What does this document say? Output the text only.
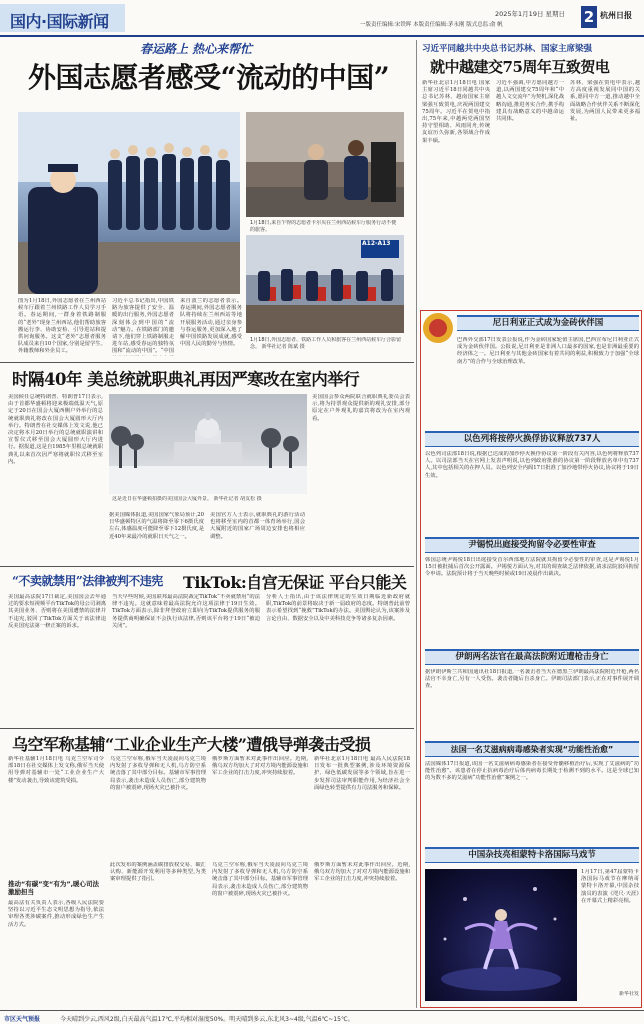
国内·国际新闻	2025年1月19日 星期日
一版责任编辑:宋铁晖 本版责任编辑:茅永刚 版式总监:俞 帆	2 杭州日报
春运路上 热心来帮忙
外国志愿者感受“流动的中国”
1月18日,来自乍得的志愿者卡尔贝在兰州西站候车厅服务行动不便的旅客。
A12-A13
1月18日,外国志愿者、铁路工作人员和旅客在兰州西站候车厅合影留念。 新华社记者 陈斌 摄
图为1月18日,外国志愿者在兰州西站候车厅跟着兰州铁路工作人员学习手语。春运期间,一群身着铁路制服的“老外”现身兰州西站,他们帮助旅客搬运行李、协助安检、引导进站和提供问询服务。这支“老外”志愿者服务队成员来自10个国家,分别是留学生、外籍教师和外企员工。
习近平总书记指出,中国铁路为旅客提供了安全、温暖的出行服务,外国志愿者深刻体会到中国的“流动”魅力。在铁路部门的邀请下,他们穿上铁路制服走进车站,感受春运的独特氛围和“流动的中国”。“中国
来自波兰的志愿者表示。春运期间,外国志愿者服务队将持续在兰州西站等地开展服务活动,通过亲身参与春运服务,更加深入地了解中国铁路发展成就,感受中国人民的勤劳与热情。
时隔40年 美总统就职典礼再因严寒改在室内举行
美国候任总统特朗普、特朗普17日表示,由于首都华盛顿将迎来极端低温天气,原定于20日在国会大厦西侧户外举行的总统就职典礼将改在国会大厦圆形大厅内举行。特朗普在社交媒体上发文说,他已决定将本月20日举行的总统就职演讲和宣誓仪式移至国会大厦圆形大厅内进行。据报道,这是自1985年里根总统就职典礼以来首次因严寒将就职仪式移至室内。
据美国媒体报道,美国国家气象局预计,20日华盛顿特区的气温将降至零下6摄氏度左右,体感温度可能降至零下12摄氏度,是近40年来最冷的就职日天气之一。
美国官方人士表示,就职典礼的游行活动也将移至室内的首都一体育场举行,国会大厦附近的国家广场周边安排也将相应调整。
美国国会参众两院联合就职典礼委员会表示,将为持票观众提供新的观礼安排,部分原定在户外观礼的嘉宾将改为在室内观看。
这是近日在华盛顿拍摄的美国国会大厦外景。 新华社记者 胡友松 摄
“不卖就禁用”法律被判不违宪 TikTok:自宫无保证 平台只能关
美国最高法院17日裁定,美国国会去年通过的要求短视频平台TikTok的母公司剥离其美国业务、否则将在美国遭禁的法律并不违宪,驳回了TikTok方面关于该法律违反美国宪法第一修正案的诉求。
当天早些时候,美国联邦最高法院裁定TikTok“不卖就禁用”的法律不违宪。这就意味着最高法院允许这项法律于19日生效。TikTok方面表示,除非拜登政府立即向为TikTok提供服务的服务提供商明确保证不会执行该法律,否则该平台将于19日“被迫关闭”。
分析人士指出,由于该法律规定的生效日期临近新政府就职,TikTok的前景将取决于新一届政府的态度。特朗普此前曾表示希望找到“挽救”TikTok的办法。美国舆论认为,该案涉及言论自由、数据安全以及中美科技竞争等诸多复杂因素。
乌空军称基辅“工业企业生产大楼”遭俄导弹袭击受损
新华社基辅1月18日电 乌克兰空军司令部18日在社交媒体上发文称,俄军当天使用导弹对基辅市一处“工业企业生产大楼”发动袭击,导致该建筑受损。
乌克兰空军称,俄军当天凌晨向乌克兰境内发射了多枚导弹和无人机,乌方防空系统击落了其中部分目标。基辅市军事管理局表示,袭击未造成人员伤亡,部分建筑物的窗户被震碎,现场火灾已被扑灭。
俄罗斯方面暂未对此事作出回应。近期,俄乌双方均加大了对对方境内能源设施和军工企业的打击力度,冲突持续胶着。
新华社北京1月18日电 最高人民法院18日发布一批典型案例,涉及环境资源保护、绿色低碳发展等多个领域,旨在进一步发挥司法审判职能作用,为经济社会全面绿色转型提供有力司法服务和保障。
推动“有碳”变“有为”,暖心司法激励担当
最高法有关负责人表示,各级人民法院要坚持以习近平生态文明思想为指导,依法审理各类涉碳案件,推动形成绿色生产生活方式。
此次发布的案例涵盖碳排放权交易、碳汇认购、新能源开发利用等多种类型,为类案审理提供了指引。
乌克兰空军称,俄军当天凌晨向乌克兰境内发射了多枚导弹和无人机,乌方防空系统击落了其中部分目标。基辅市军事管理局表示,袭击未造成人员伤亡,部分建筑物的窗户被震碎,现场火灾已被扑灭。
俄罗斯方面暂未对此事作出回应。近期,俄乌双方均加大了对对方境内能源设施和军工企业的打击力度,冲突持续胶着。
市区天气预报	今天晴到少云,西风2级,白天最高气温17℃,平均相对湿度50%。明天晴到多云,东北风3~4级,气温6℃~15℃。
习近平同越共中央总书记苏林、国家主席梁强
就中越建交75周年互致贺电
新华社北京1月18日电 国家主席习近平18日同越共中央总书记苏林、越南国家主席梁强互致贺电,庆祝两国建交75周年。习近平在贺电中指出,75年来,中越两党两国坚持守望相助、风雨同舟,传统友谊历久弥新,各领域合作成果丰硕。
习近平强调,中方愿同越方一道,以两国建交75周年和“中越人文交流年”为契机,深化战略沟通,推进务实合作,携手构建具有战略意义的中越命运共同体。
苏林、梁强在贺电中表示,越方高度重视发展同中国的关系,愿同中方一道,推动越中全面战略合作伙伴关系不断深化发展,为两国人民带来更多福祉。
尼日利亚正式成为金砖伙伴国
巴西外交部17日发表公报说,作为金砖国家轮值主席国,巴西宣布尼日利亚正式成为金砖伙伴国。公报说,尼日利亚是非洲人口最多的国家,也是非洲最重要的经济体之一。尼日利亚与其他金砖国家有着共同的利益,积极致力于加强“全球南方”的合作与全球治理改革。
以色列将按停火换俘协议释放737人
以色列司法部18日说,根据已达成的加沙停火换俘协议第一阶段有关内容,以色列将释放737人。以司法部当天在官网上发表声明说,以色列政府批准的协议第一阶段释放名单中有737人,其中包括相关的在押人员。以色列安全内阁17日批准了加沙地带停火协议,协议将于19日生效。
尹锡悦出庭接受拘留令必要性审查
韩国总统尹锡悦18日出庭接受首尔西部地方法院就其拘留令必要性的审查,这是尹锡悦1月15日被批捕后首次公开露面。尹锡悦方面认为,对其的调查缺乏法律依据,请求法院驳回拘留令申请。法院预计将于当天晚些时候或19日凌晨作出裁决。
伊朗两名法官在最高法院附近遭枪击身亡
据伊朗伊斯兰共和国通讯社18日报道,一名袭击者当天在德黑兰伊朗最高法院附近开枪,两名法官不幸身亡,另有一人受伤。袭击者随后自杀身亡。伊朗司法部门表示,正在对事件展开调查。
法国一名艾滋病病毒感染者实现“功能性治愈”
法国媒体17日报道,该国一名艾滋病病毒感染者在接受骨髓移植治疗后,实现了艾滋病的“功能性治愈”。该患者在停止抗病毒治疗后体内病毒长期处于检测不到的水平。这是全球已知的为数不多的艾滋病“功能性治愈”案例之一。
中国杂技亮相蒙特卡洛国际马戏节
1月17日,第47届蒙特卡洛国际马戏节在摩纳哥蒙特卡洛开幕,中国杂技演员的表演《咫尺·天涯》在开幕式上精彩亮相。
新华社发
